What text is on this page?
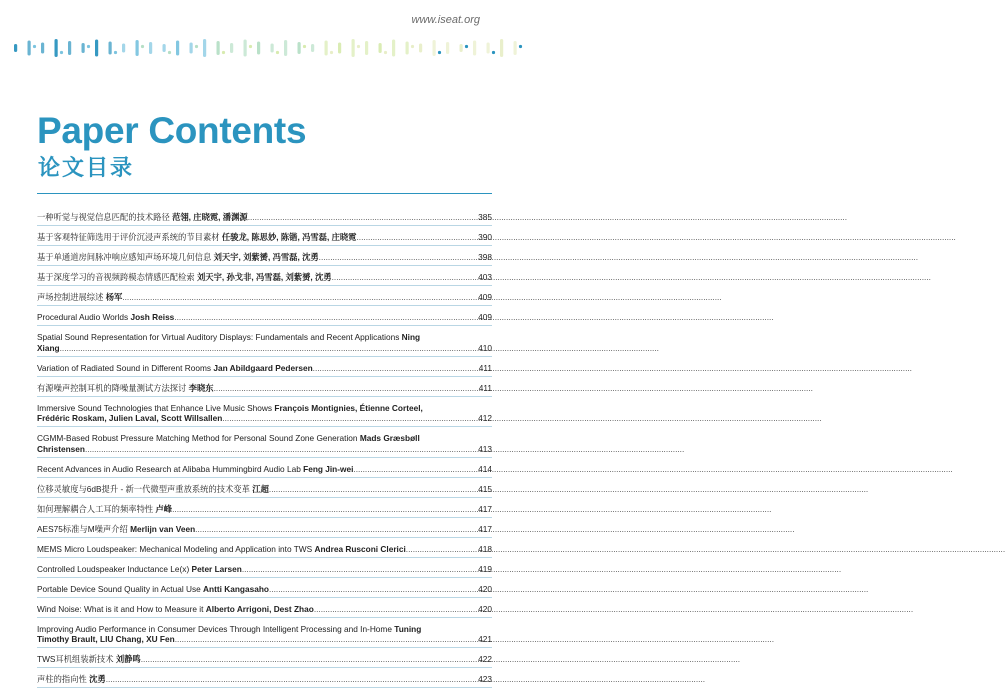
www.iseat.org
Paper Contents
论文目录
一种听觉与视觉信息匹配的技术路径 范翎, 庄晓霓, 潘渊源 .....	385
基于客观特征筛选用于评价沉浸声系统的节目素材 任骏龙, 陈思妙, 陈锴, 冯雪磊, 庄晓霓 .....	390
基于单通道房间脉冲响应感知声场环境几何信息 刘天宇, 刘紫赟, 冯雪磊, 沈勇 .....	398
基于深度学习的音视频跨模态情感匹配检索 刘天宇, 孙戈非, 冯雪磊, 刘紫赟, 沈勇 .....	403
声场控制进展综述 杨军 .....	409
Procedural Audio Worlds Josh Reiss .....	409
Spatial Sound Representation for Virtual Auditory Displays: Fundamentals and Recent Applications Ning
Xiang .....	410
Variation of Radiated Sound in Different Rooms Jan Abildgaard Pedersen .....	411
有源噪声控制耳机的降噪量测试方法探讨 李晓东 .....	411
Immersive Sound Technologies that Enhance Live Music Shows François Montignies, Étienne Corteel,
Frédéric Roskam, Julien Laval, Scott Willsallen .....	412
CGMM-Based Robust Pressure Matching Method for Personal Sound Zone Generation Mads Græsbøll
Christensen .....	413
Recent Advances in Audio Research at Alibaba Hummingbird Audio Lab Feng Jin-wei .....	414
位移灵敏度与6dB提升 - 新一代微型声重放系统的技术变革 江超 .....	415
如何理解耦合人工耳的频率特性 卢峰 .....	417
AES75标准与M噪声介绍 Merlijn van Veen .....	417
MEMS Micro Loudspeaker: Mechanical Modeling and Application into TWS Andrea Rusconi Clerici .....	418
Controlled Loudspeaker Inductance Le(x) Peter Larsen .....	419
Portable Device Sound Quality in Actual Use Antti Kangasaho .....	420
Wind Noise: What is it and How to Measure it Alberto Arrigoni, Dest Zhao .....	420
Improving Audio Performance in Consumer Devices Through Intelligent Processing and In-Home Tuning
Timothy Brault, LIU Chang, XU Fen .....	421
TWS耳机组装新技术 刘静鸣 .....	422
声柱的指向性 沈勇 .....	423
